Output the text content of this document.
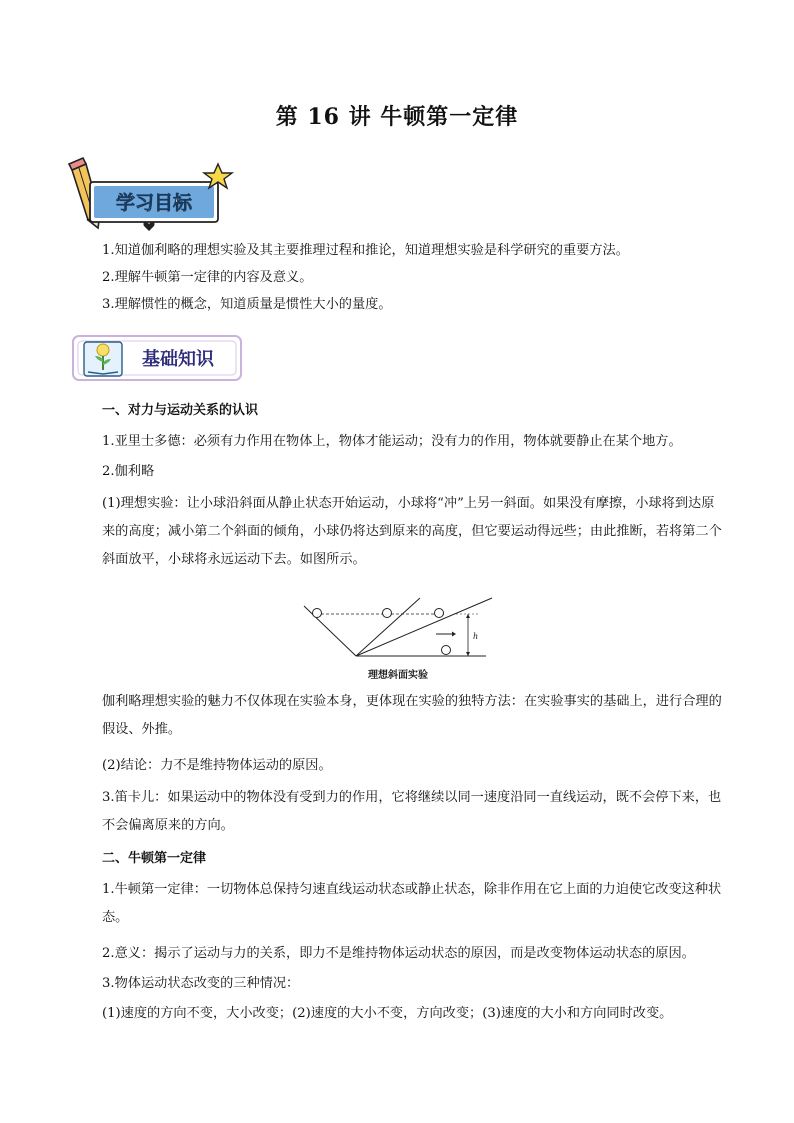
第 16 讲 牛顿第一定律
学习目标

1.知道伽利略的理想实验及其主要推理过程和推论，知道理想实验是科学研究的重要方法。

2.理解牛顿第一定律的内容及意义。

3.理解惯性的概念，知道质量是惯性大小的量度。

基础知识

一、对力与运动关系的认识

1.亚里士多德：必须有力作用在物体上，物体才能运动；没有力的作用，物体就要静止在某个地方。

2.伽利略

(1)理想实验：让小球沿斜面从静止状态开始运动，小球将“冲”上另一斜面。如果没有摩擦，小球将到达原来的高度；减小第二个斜面的倾角，小球仍将达到原来的高度，但它要运动得远些；由此推断，若将第二个斜面放平，小球将永远运动下去。如图所示。

h
理想斜面实验

伽利略理想实验的魅力不仅体现在实验本身，更体现在实验的独特方法：在实验事实的基础上，进行合理的假设、外推。

(2)结论：力不是维持物体运动的原因。

3.笛卡儿：如果运动中的物体没有受到力的作用，它将继续以同一速度沿同一直线运动，既不会停下来，也不会偏离原来的方向。

二、牛顿第一定律

1.牛顿第一定律：一切物体总保持匀速直线运动状态或静止状态，除非作用在它上面的力迫使它改变这种状态。

2.意义：揭示了运动与力的关系，即力不是维持物体运动状态的原因，而是改变物体运动状态的原因。

3.物体运动状态改变的三种情况：

(1)速度的方向不变，大小改变；(2)速度的大小不变，方向改变；(3)速度的大小和方向同时改变。
